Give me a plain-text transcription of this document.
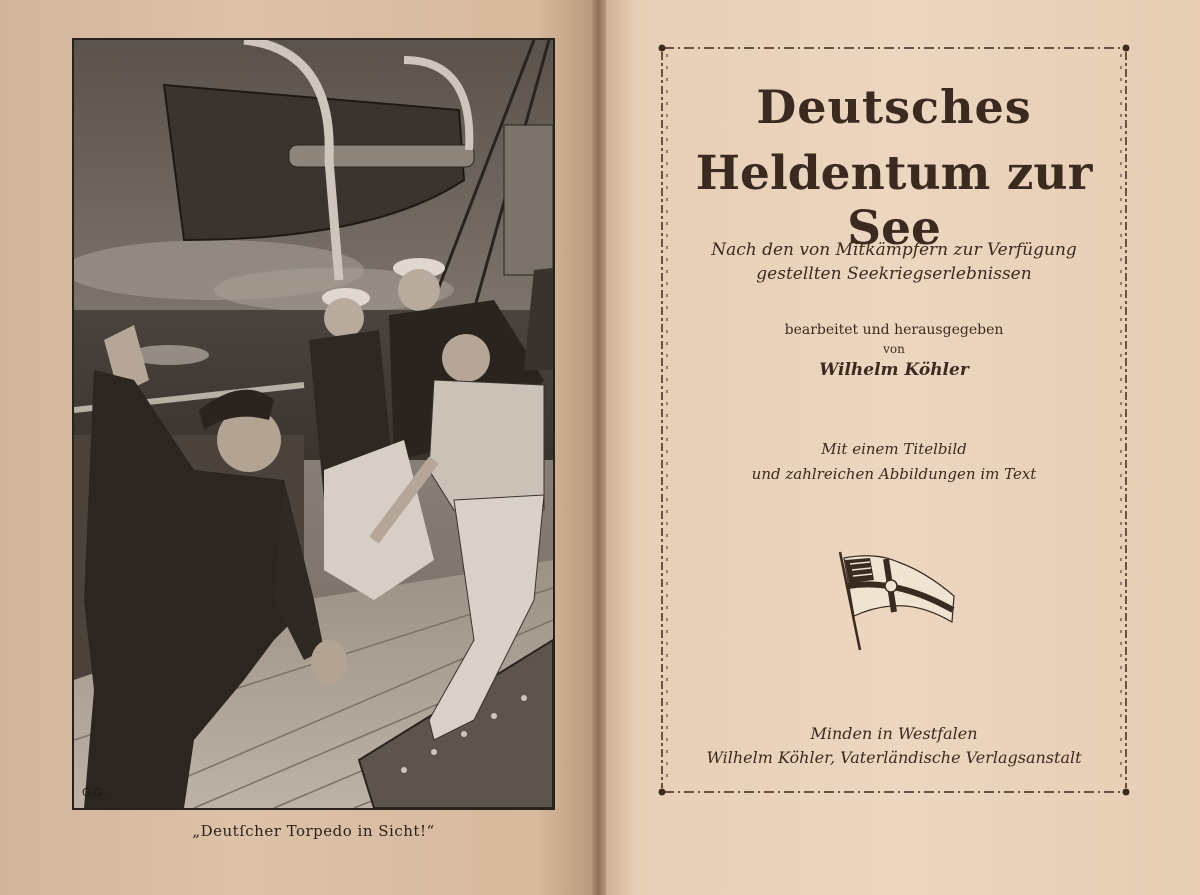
G.G.
„Deutſcher Torpedo in Sicht!“
Deutsches
Heldentum zur See
Nach den von Mitkämpfern zur Verfügung
gestellten Seekriegserlebnissen
bearbeitet und herausgegeben
von
Wilhelm Köhler
Mit einem Titelbild
und zahlreichen Abbildungen im Text
Minden in Westfalen
Wilhelm Köhler, Vaterländische Verlagsanstalt
